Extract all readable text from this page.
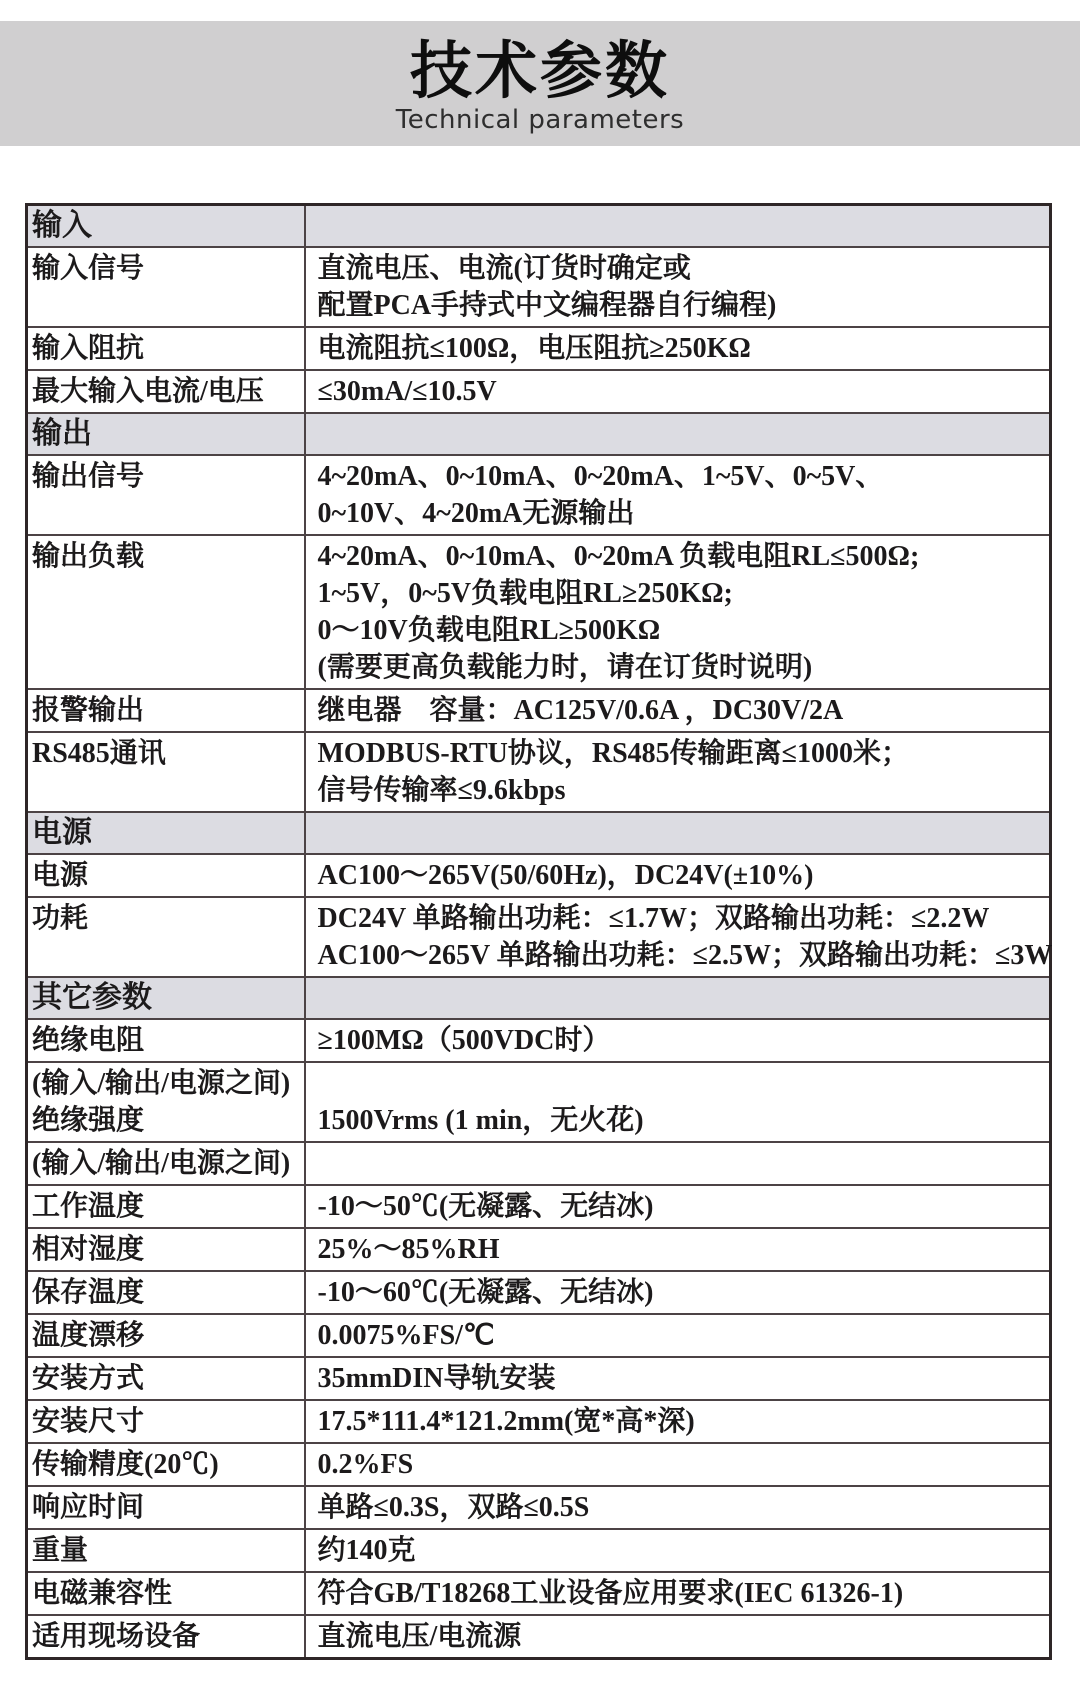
技术参数
Technical parameters
输入	

输入信号	直流电压、电流(订货时确定或
配置PCA手持式中文编程器自行编程)

输入阻抗	电流阻抗≤100Ω，电压阻抗≥250KΩ

最大输入电流/电压	≤30mA/≤10.5V

输出	

输出信号	4~20mA、0~10mA、0~20mA、1~5V、0~5V、
0~10V、4~20mA无源输出

输出负载	4~20mA、0~10mA、0~20mA 负载电阻RL≤500Ω;
1~5V，0~5V负载电阻RL≥250KΩ;
0～10V负载电阻RL≥500KΩ
(需要更高负载能力时，请在订货时说明)

报警输出	继电器　容量：AC125V/0.6A ，DC30V/2A

RS485通讯	MODBUS-RTU协议，RS485传输距离≤1000米；
信号传输率≤9.6kbps

电源	

电源	AC100～265V(50/60Hz)，DC24V(±10%)

功耗	DC24V 单路输出功耗：≤1.7W；双路输出功耗：≤2.2W
AC100～265V 单路输出功耗：≤2.5W；双路输出功耗：≤3W

其它参数	

绝缘电阻	≥100MΩ（500VDC时）

(输入/输出/电源之间)
绝缘强度	1500Vrms (1 min，无火花)

(输入/输出/电源之间)	

工作温度	-10～50℃(无凝露、无结冰)

相对湿度	25%～85%RH

保存温度	-10～60℃(无凝露、无结冰)

温度漂移	0.0075%FS/℃

安装方式	35mmDIN导轨安装

安装尺寸	17.5*111.4*121.2mm(宽*高*深)

传输精度(20℃)	0.2%FS

响应时间	单路≤0.3S，双路≤0.5S

重量	约140克

电磁兼容性	符合GB/T18268工业设备应用要求(IEC 61326-1)

适用现场设备	直流电压/电流源
